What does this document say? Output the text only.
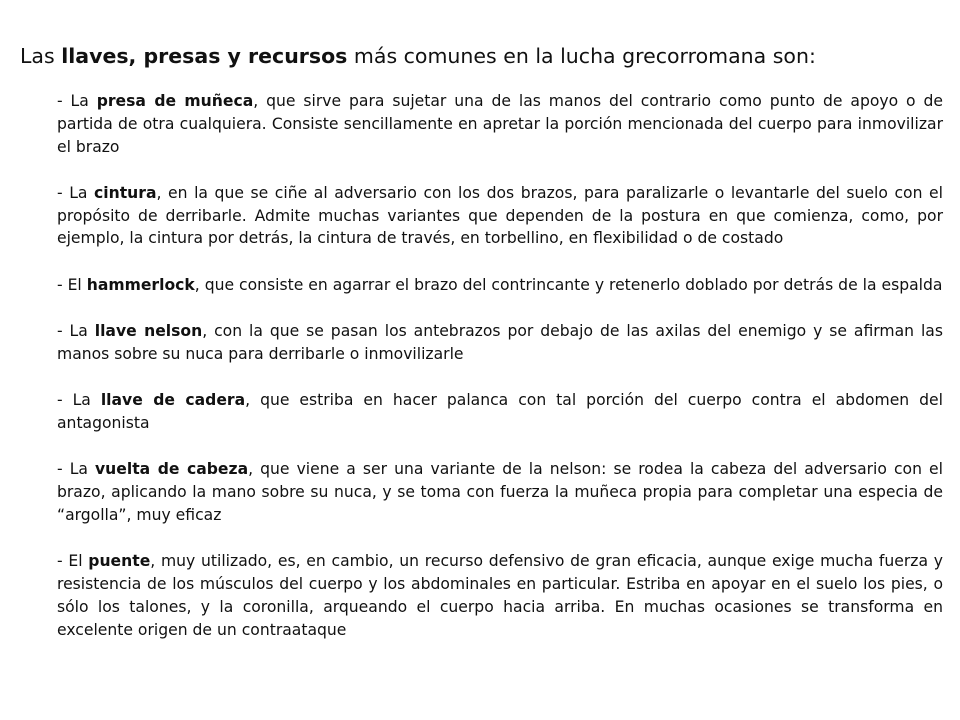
Las llaves, presas y recursos más comunes en la lucha grecorromana son:
- La presa de muñeca, que sirve para sujetar una de las manos del contrario como punto de apoyo o de partida de otra cualquiera. Consiste sencillamente en apretar la porción mencionada del cuerpo para inmovilizar el brazo
- La cintura, en la que se ciñe al adversario con los dos brazos, para paralizarle o levantarle del suelo con el propósito de derribarle. Admite muchas variantes que dependen de la postura en que comienza, como, por ejemplo, la cintura por detrás, la cintura de través, en torbellino, en flexibilidad o de costado
- El hammerlock, que consiste en agarrar el brazo del contrincante y retenerlo doblado por detrás de la espalda
- La llave nelson, con la que se pasan los antebrazos por debajo de las axilas del enemigo y se afirman las manos sobre su nuca para derribarle o inmovilizarle
- La llave de cadera, que estriba en hacer palanca con tal porción del cuerpo contra el abdomen del antagonista
- La vuelta de cabeza, que viene a ser una variante de la nelson: se rodea la cabeza del adversario con el brazo, aplicando la mano sobre su nuca, y se toma con fuerza la muñeca propia para completar una especia de “argolla”, muy eficaz
- El puente, muy utilizado, es, en cambio, un recurso defensivo de gran eficacia, aunque exige mucha fuerza y resistencia de los músculos del cuerpo y los abdominales en particular. Estriba en apoyar en el suelo los pies, o sólo los talones, y la coronilla, arqueando el cuerpo hacia arriba. En muchas ocasiones se transforma en excelente origen de un contraataque
